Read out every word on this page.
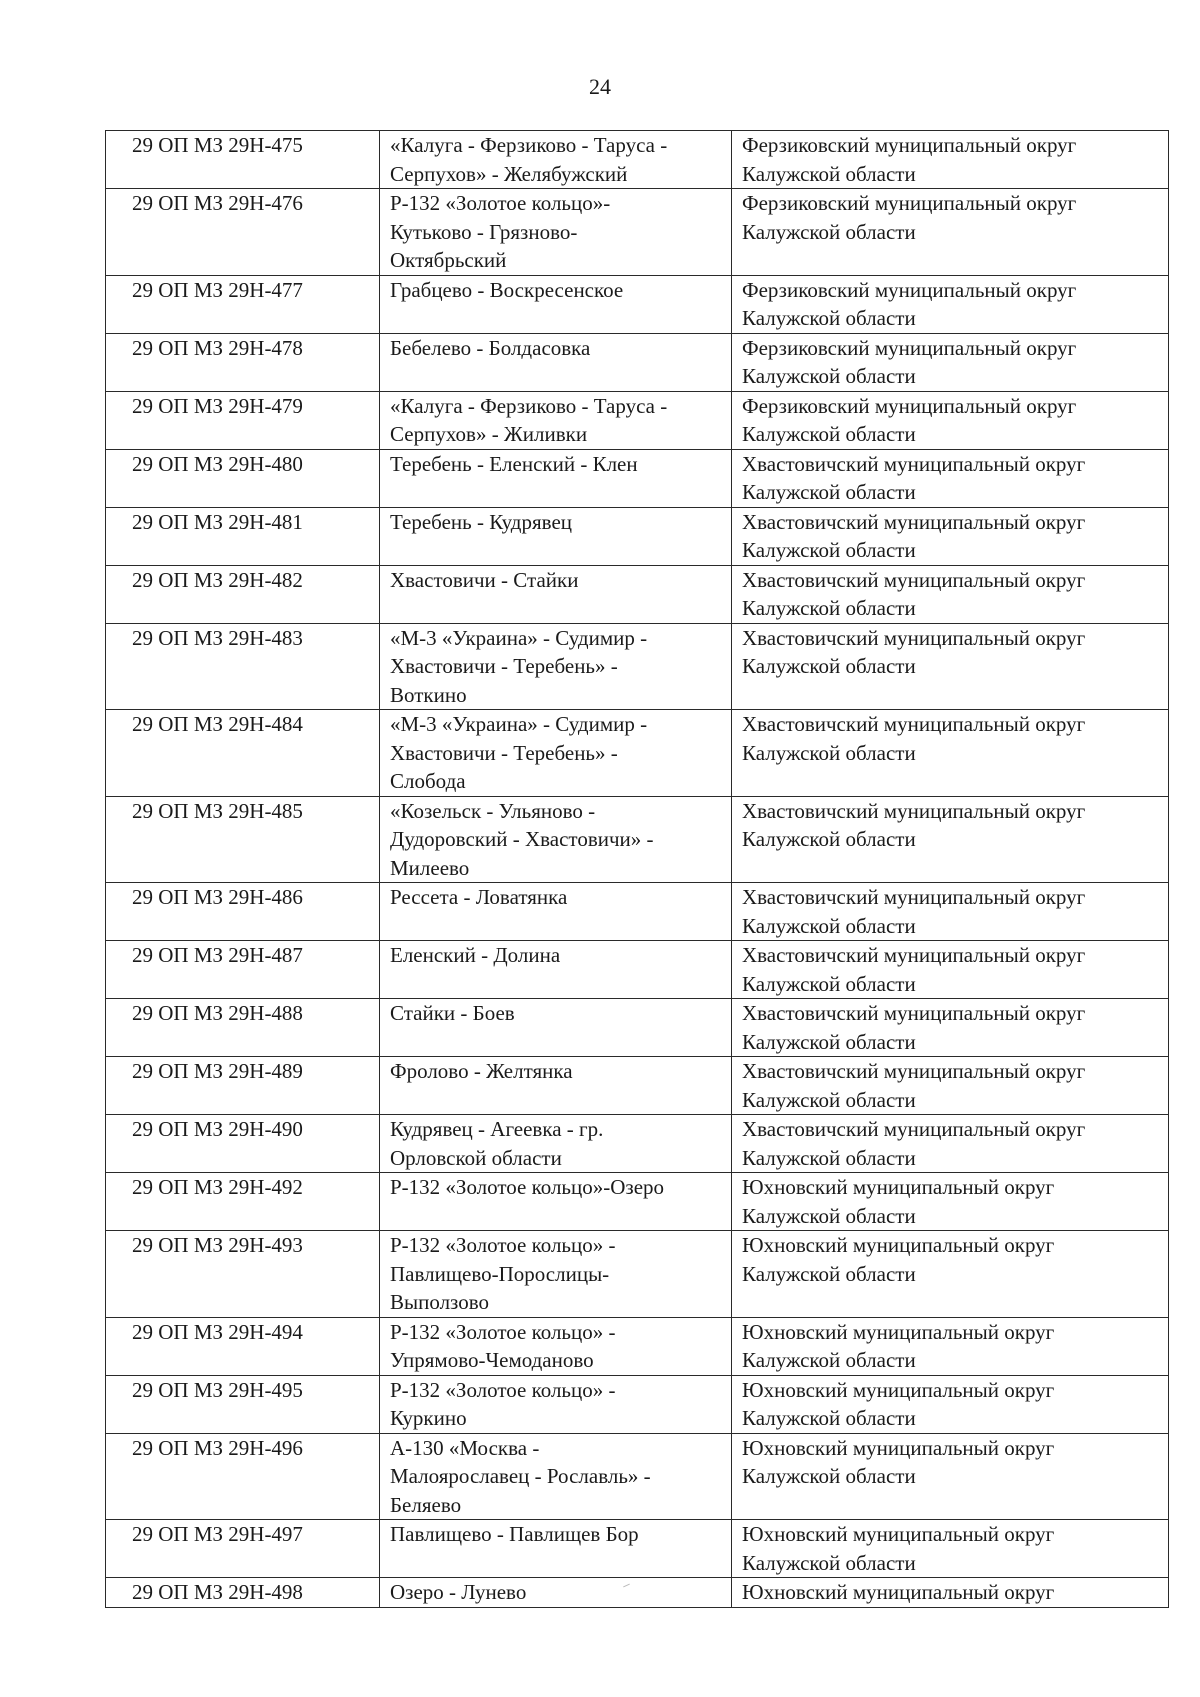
24
29 ОП МЗ 29Н-475	«Калуга - Ферзиково - Таруса -
Серпухов» - Желябужский	Ферзиковский муниципальный округ
Калужской области

29 ОП МЗ 29Н-476	Р-132 «Золотое кольцо»-
Кутьково - Грязново-
Октябрьский	Ферзиковский муниципальный округ
Калужской области

29 ОП МЗ 29Н-477	Грабцево - Воскресенское	Ферзиковский муниципальный округ
Калужской области

29 ОП МЗ 29Н-478	Бебелево - Болдасовка	Ферзиковский муниципальный округ
Калужской области

29 ОП МЗ 29Н-479	«Калуга - Ферзиково - Таруса -
Серпухов» - Жиливки	Ферзиковский муниципальный округ
Калужской области

29 ОП МЗ 29Н-480	Теребень - Еленский - Клен	Хвастовичский муниципальный округ
Калужской области

29 ОП МЗ 29Н-481	Теребень - Кудрявец	Хвастовичский муниципальный округ
Калужской области

29 ОП МЗ 29Н-482	Хвастовичи - Стайки	Хвастовичский муниципальный округ
Калужской области

29 ОП МЗ 29Н-483	«М-3 «Украина» - Судимир -
Хвастовичи - Теребень» -
Воткино	Хвастовичский муниципальный округ
Калужской области

29 ОП МЗ 29Н-484	«М-3 «Украина» - Судимир -
Хвастовичи - Теребень» -
Слобода	Хвастовичский муниципальный округ
Калужской области

29 ОП МЗ 29Н-485	«Козельск - Ульяново -
Дудоровский - Хвастовичи» -
Милеево	Хвастовичский муниципальный округ
Калужской области

29 ОП МЗ 29Н-486	Рессета - Ловатянка	Хвастовичский муниципальный округ
Калужской области

29 ОП МЗ 29Н-487	Еленский - Долина	Хвастовичский муниципальный округ
Калужской области

29 ОП МЗ 29Н-488	Стайки - Боев	Хвастовичский муниципальный округ
Калужской области

29 ОП МЗ 29Н-489	Фролово - Желтянка	Хвастовичский муниципальный округ
Калужской области

29 ОП МЗ 29Н-490	Кудрявец - Агеевка - гр.
Орловской области	Хвастовичский муниципальный округ
Калужской области

29 ОП МЗ 29Н-492	Р-132 «Золотое кольцо»-Озеро	Юхновский муниципальный округ
Калужской области

29 ОП МЗ 29Н-493	Р-132 «Золотое кольцо» -
Павлищево-Порослицы-
Выползово	Юхновский муниципальный округ
Калужской области

29 ОП МЗ 29Н-494	Р-132 «Золотое кольцо» -
Упрямово-Чемоданово	Юхновский муниципальный округ
Калужской области

29 ОП МЗ 29Н-495	Р-132 «Золотое кольцо» -
Куркино	Юхновский муниципальный округ
Калужской области

29 ОП МЗ 29Н-496	А-130 «Москва -
Малоярославец - Рославль» -
Беляево	Юхновский муниципальный округ
Калужской области

29 ОП МЗ 29Н-497	Павлищево - Павлищев Бор	Юхновский муниципальный округ
Калужской области

29 ОП МЗ 29Н-498	Озеро - Лунево	Юхновский муниципальный округ
